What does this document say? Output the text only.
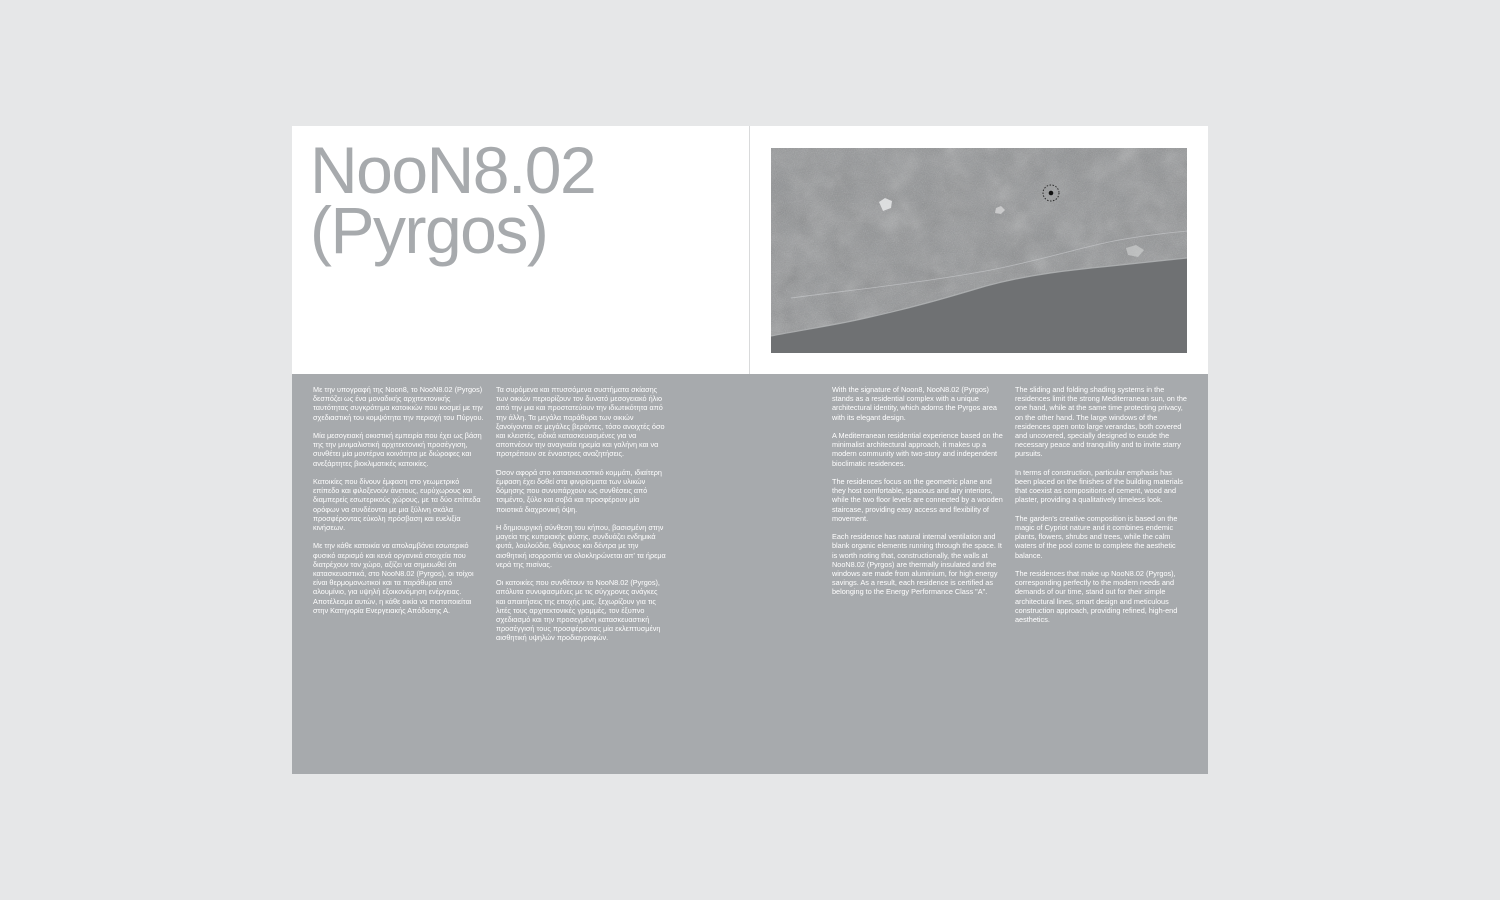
NooN8.02
(Pyrgos)

Με την υπογραφή της Noon8, το NooN8.02 (Pyrgos) δεσπόζει ως ένα μοναδικής αρχιτεκτονικής ταυτότητας συγκρότημα κατοικιών που κοσμεί με την σχεδιαστική του κομψότητα την περιοχή του Πύργου.

Μία μεσογειακή οικιστική εμπειρία που έχει ως βάση της την μινιμαλιστική αρχιτεκτονική προσέγγιση, συνθέτει μία μοντέρνα κοινότητα με διώροφες και ανεξάρτητες βιοκλιματικές κατοικίες.

Κατοικίες που δίνουν έμφαση στο γεωμετρικό επίπεδο και φιλοξενούν άνετους, ευρύχωρους και διαμπερείς εσωτερικούς χώρους, με τα δύο επίπεδα ορόφων να συνδέονται με μια ξύλινη σκάλα προσφέροντας εύκολη πρόσβαση και ευελιξία κινήσεων.

Με την κάθε κατοικία να απολαμβάνει εσωτερικό φυσικό αερισμό και κενά οργανικά στοιχεία που διατρέχουν τον χώρο, αξίζει να σημειωθεί ότι κατασκευαστικά, στο NooN8.02 (Pyrgos), οι τοίχοι είναι θερμομονωτικοί και τα παράθυρα από αλουμίνιο, για υψηλή εξοικονόμηση ενέργειας. Αποτέλεσμα αυτών, η κάθε οικία να πιστοποιείται στην Κατηγορία Ενεργειακής Απόδοσης Α.

Τα συρόμενα και πτυσσόμενα συστήματα σκίασης των οικιών περιορίζουν τον δυνατό μεσογειακό ήλιο από την μια και προστατεύουν την ιδιωτικότητα από την άλλη. Τα μεγάλα παράθυρα των οικιών ξανοίγονται σε μεγάλες βεράντες, τόσο ανοιχτές όσο και κλειστές, ειδικά κατασκευασμένες για να αποπνέουν την αναγκαία ηρεμία και γαλήνη και να προτρέπουν σε ένναστρες αναζητήσεις.

Όσον αφορά στο κατασκευαστικό κομμάτι, ιδιαίτερη έμφαση έχει δοθεί στα φινιρίσματα των υλικών δόμησης που συνυπάρχουν ως συνθέσεις από τσιμέντο, ξύλο και σοβά και προσφέρουν μία ποιοτικά διαχρονική όψη.

Η δημιουργική σύνθεση του κήπου, βασισμένη στην μαγεία της κυπριακής φύσης, συνδυάζει ενδημικά φυτά, λουλούδια, θάμνους και δέντρα με την αισθητική ισορροπία να ολοκληρώνεται απ' τα ήρεμα νερά της πισίνας.

Οι κατοικίες που συνθέτουν το NooN8.02 (Pyrgos), απόλυτα συνυφασμένες με τις σύγχρονες ανάγκες και απαιτήσεις της εποχής μας, ξεχωρίζουν για τις λιτές τους αρχιτεκτονικές γραμμές, τον έξυπνο σχεδιασμό και την προσεγμένη κατασκευαστική προσέγγισή τους προσφέροντας μία εκλεπτυσμένη αισθητική υψηλών προδιαγραφών.

With the signature of Noon8, NooN8.02 (Pyrgos) stands as a residential complex with a unique architectural identity, which adorns the Pyrgos area with its elegant design.

A Mediterranean residential experience based on the minimalist architectural approach, it makes up a modern community with two-story and independent bioclimatic residences.

The residences focus on the geometric plane and they host comfortable, spacious and airy interiors, while the two floor levels are connected by a wooden staircase, providing easy access and flexibility of movement.

Each residence has natural internal ventilation and blank organic elements running through the space. It is worth noting that, constructionally, the walls at NooN8.02 (Pyrgos) are thermally insulated and the windows are made from aluminium, for high energy savings. As a result, each residence is certified as belonging to the Energy Performance Class "A".

The sliding and folding shading systems in the residences limit the strong Mediterranean sun, on the one hand, while at the same time protecting privacy, on the other hand. The large windows of the residences open onto large verandas, both covered and uncovered, specially designed to exude the necessary peace and tranquillity and to invite starry pursuits.

In terms of construction, particular emphasis has been placed on the finishes of the building materials that coexist as compositions of cement, wood and plaster, providing a qualitatively timeless look.

The garden's creative composition is based on the magic of Cypriot nature and it combines endemic plants, flowers, shrubs and trees, while the calm waters of the pool come to complete the aesthetic balance.

The residences that make up NooN8.02 (Pyrgos), corresponding perfectly to the modern needs and demands of our time, stand out for their simple architectural lines, smart design and meticulous construction approach, providing refined, high-end aesthetics.
